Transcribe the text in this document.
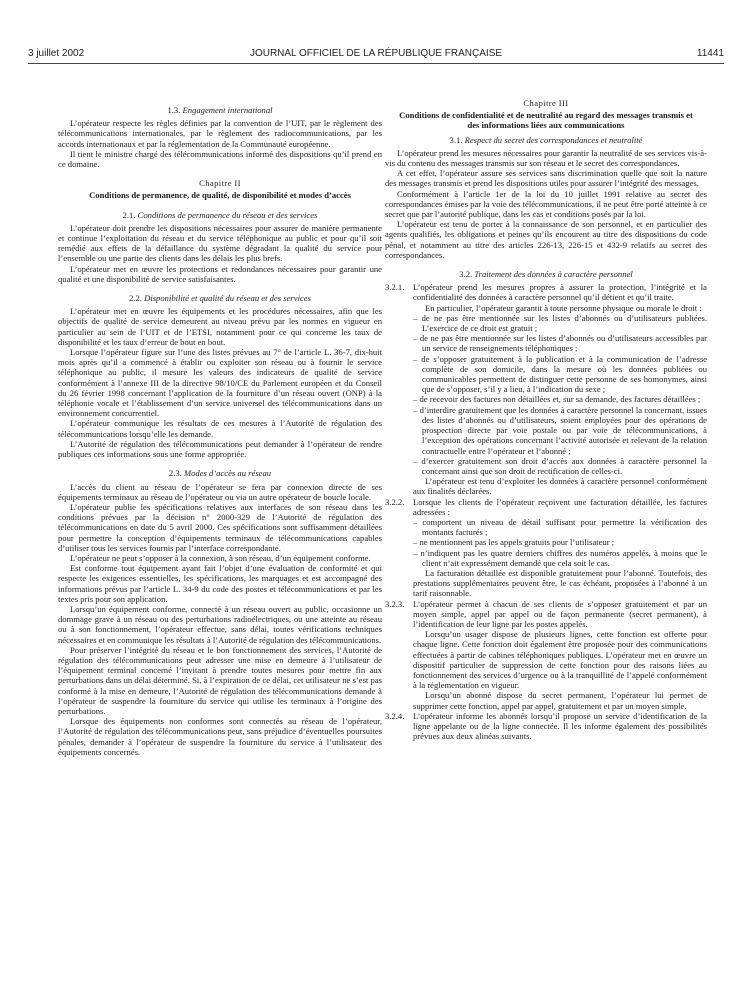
3 juillet 2002	JOURNAL OFFICIEL DE LA RÉPUBLIQUE FRANÇAISE	11441
1.3. Engagement international

L’opérateur respecte les règles définies par la convention de l’UIT, par le règlement des télécommunications internationales, par le règlement des radiocommunications, par les accords internationaux et par la réglementation de la Communauté européenne.

Il tient le ministre chargé des télécommunications informé des dispositions qu’il prend en ce domaine.

Chapitre II
Conditions de permanence, de qualité, de disponibilité et modes d’accès
2.1. Conditions de permanence du réseau et des services

L’opérateur doit prendre les dispositions nécessaires pour assurer de manière permanente et continue l’exploitation du réseau et du service téléphonique au public et pour qu’il soit remédié aux effets de la défaillance du système dégradant la qualité du service pour l’ensemble ou une partie des clients dans les délais les plus brefs.

L’opérateur met en œuvre les protections et redondances nécessaires pour garantir une qualité et une disponibilité de service satisfaisantes.

2.2. Disponibilité et qualité du réseau et des services

L’opérateur met en œuvre les équipements et les procédures nécessaires, afin que les objectifs de qualité de service demeurent au niveau prévu par les normes en vigueur en particulier au sein de l’UIT et de l’ETSI, notamment pour ce qui concerne les taux de disponibilité et les taux d’erreur de bout en bout.

Lorsque l’opérateur figure sur l’une des listes prévues au 7° de l’article L. 36-7, dix-huit mois après qu’il a commencé à établir ou exploiter son réseau ou à fournir le service téléphonique au public, il mesure les valeurs des indicateurs de qualité de service conformément à l’annexe III de la directive 98/10/CE du Parlement européen et du Conseil du 26 février 1998 concernant l’application de la fourniture d’un réseau ouvert (ONP) à la téléphonie vocale et l’établissement d’un service universel des télécommunications dans un environnement concurrentiel.

L’opérateur communique les résultats de ces mesures à l’Autorité de régulation des télécommunications lorsqu’elle les demande.

L’Autorité de régulation des télécommunications peut demander à l’opérateur de rendre publiques ces informations sous une forme appropriée.

2.3. Modes d’accès au réseau

L’accès du client au réseau de l’opérateur se fera par connexion directe de ses équipements terminaux au réseau de l’opérateur ou via un autre opérateur de boucle locale.

L’opérateur publie les spécifications relatives aux interfaces de son réseau dans les conditions prévues par la décision n° 2000-329 de l’Autorité de régulation des télécommunications en date du 5 avril 2000. Ces spécifications sont suffisamment détaillées pour permettre la conception d’équipements terminaux de télécommunications capables d’utiliser tous les services fournis par l’interface correspondante.

L’opérateur ne peut s’opposer à la connexion, à son réseau, d’un équipement conforme.

Est conforme tout équipement ayant fait l’objet d’une évaluation de conformité et qui respecte les exigences essentielles, les spécifications, les marquages et est accompagné des informations prévus par l’article L. 34-9 du code des postes et télécommunications et par les textes pris pour son application.

Lorsqu’un équipement conforme, connecté à un réseau ouvert au public, occasionne un dommage grave à un réseau ou des perturbations radioélectriques, ou une atteinte au réseau ou à son fonctionnement, l’opérateur effectue, sans délai, toutes vérifications techniques nécessaires et en communique les résultats à l’Autorité de régulation des télécommunications.

Pour préserver l’intégrité du réseau et le bon fonctionnement des services, l’Autorité de régulation des télécommunications peut adresser une mise en demeure à l’utilisateur de l’équipement terminal concerné l’invitant à prendre toutes mesures pour mettre fin aux perturbations dans un délai déterminé. Si, à l’expiration de ce délai, cet utilisateur ne s’est pas conformé à la mise en demeure, l’Autorité de régulation des télécommunications demande à l’opérateur de suspendre la fourniture du service qui utilise les terminaux à l’origine des perturbations.

Lorsque des équipements non conformes sont connectés au réseau de l’opérateur, l’Autorité de régulation des télécommunications peut, sans préjudice d’éventuelles poursuites pénales, demander à l’opérateur de suspendre la fourniture du service à l’utilisateur des équipements concernés.

Chapitre III
Conditions de confidentialité et de neutralité au regard des messages transmis et des informations liées aux communications
3.1. Respect du secret des correspondances et neutralité

L’opérateur prend les mesures nécessaires pour garantir la neutralité de ses services vis-à-vis du contenu des messages transmis sur son réseau et le secret des correspondances.

A cet effet, l’opérateur assure ses services sans discrimination quelle que soit la nature des messages transmis et prend les dispositions utiles pour assurer l’intégrité des messages.

Conformément à l’article 1er de la loi du 10 juillet 1991 relative au secret des correspondances émises par la voie des télécommunications, il ne peut être porté atteinte à ce secret que par l’autorité publique, dans les cas et conditions posés par la loi.

L’opérateur est tenu de porter à la connaissance de son personnel, et en particulier des agents qualifiés, les obligations et peines qu’ils encourent au titre des dispositions du code pénal, et notamment au titre des articles 226-13, 226-15 et 432-9 relatifs au secret des correspondances.

3.2. Traitement des données à caractère personnel
3.2.1.	L’opérateur prend les mesures propres à assurer la protection, l’intégrité et la confidentialité des données à caractère personnel qu’il détient et qu’il traite.

En particulier, l’opérateur garantit à toute personne physique ou morale le droit :

– de ne pas être mentionnée sur les listes d’abonnés ou d’utilisateurs publiées. L’exercice de ce droit est gratuit ;
– de ne pas être mentionnée sur les listes d’abonnés ou d’utilisateurs accessibles par un service de renseignements téléphoniques ;
– de s’opposer gratuitement à la publication et à la communication de l’adresse complète de son domicile, dans la mesure où les données publiées ou communicables permettent de distinguer cette personne de ses homonymes, ainsi que de s’opposer, s’il y a lieu, à l’indication du sexe ;
– de recevoir des factures non détaillées et, sur sa demande, des factures détaillées ;
– d’interdire gratuitement que les données à caractère personnel la concernant, issues des listes d’abonnés ou d’utilisateurs, soient employées pour des opérations de prospection directe par voie postale ou par voie de télécommunications, à l’exception des opérations concernant l’activité autorisée et relevant de la relation contractuelle entre l’opérateur et l’abonné ;
– d’exercer gratuitement son droit d’accès aux données à caractère personnel la concernant ainsi que son droit de rectification de celles-ci.

L’opérateur est tenu d’exploiter les données à caractère personnel conformément aux finalités déclarées.

3.2.2.	Lorsque les clients de l’opérateur reçoivent une facturation détaillée, les factures adressées :

– comportent un niveau de détail suffisant pour permettre la vérification des montants facturés ;
– ne mentionnent pas les appels gratuits pour l’utilisateur ;
– n’indiquent pas les quatre derniers chiffres des numéros appelés, à moins que le client n’ait expressément demandé que cela soit le cas.

La facturation détaillée est disponible gratuitement pour l’abonné. Toutefois, des prestations supplémentaires peuvent être, le cas échéant, proposées à l’abonné à un tarif raisonnable.

3.2.3.	L’opérateur permet à chacun de ses clients de s’opposer gratuitement et par un moyen simple, appel par appel ou de façon permanente (secret permanent), à l’identification de leur ligne par les postes appelés.

Lorsqu’un usager dispose de plusieurs lignes, cette fonction est offerte pour chaque ligne. Cette fonction doit également être proposée pour des communications effectuées à partir de cabines téléphoniques publiques. L’opérateur met en œuvre un dispositif particulier de suppression de cette fonction pour des raisons liées au fonctionnement des services d’urgence ou à la tranquillité de l’appelé conformément à la réglementation en vigueur.

Lorsqu’un abonné dispose du secret permanent, l’opérateur lui permet de supprimer cette fonction, appel par appel, gratuitement et par un moyen simple.

3.2.4.	L’opérateur informe les abonnés lorsqu’il propose un service d’identification de la ligne appelante ou de la ligne connectée. Il les informe également des possibilités prévues aux deux alinéas suivants.
